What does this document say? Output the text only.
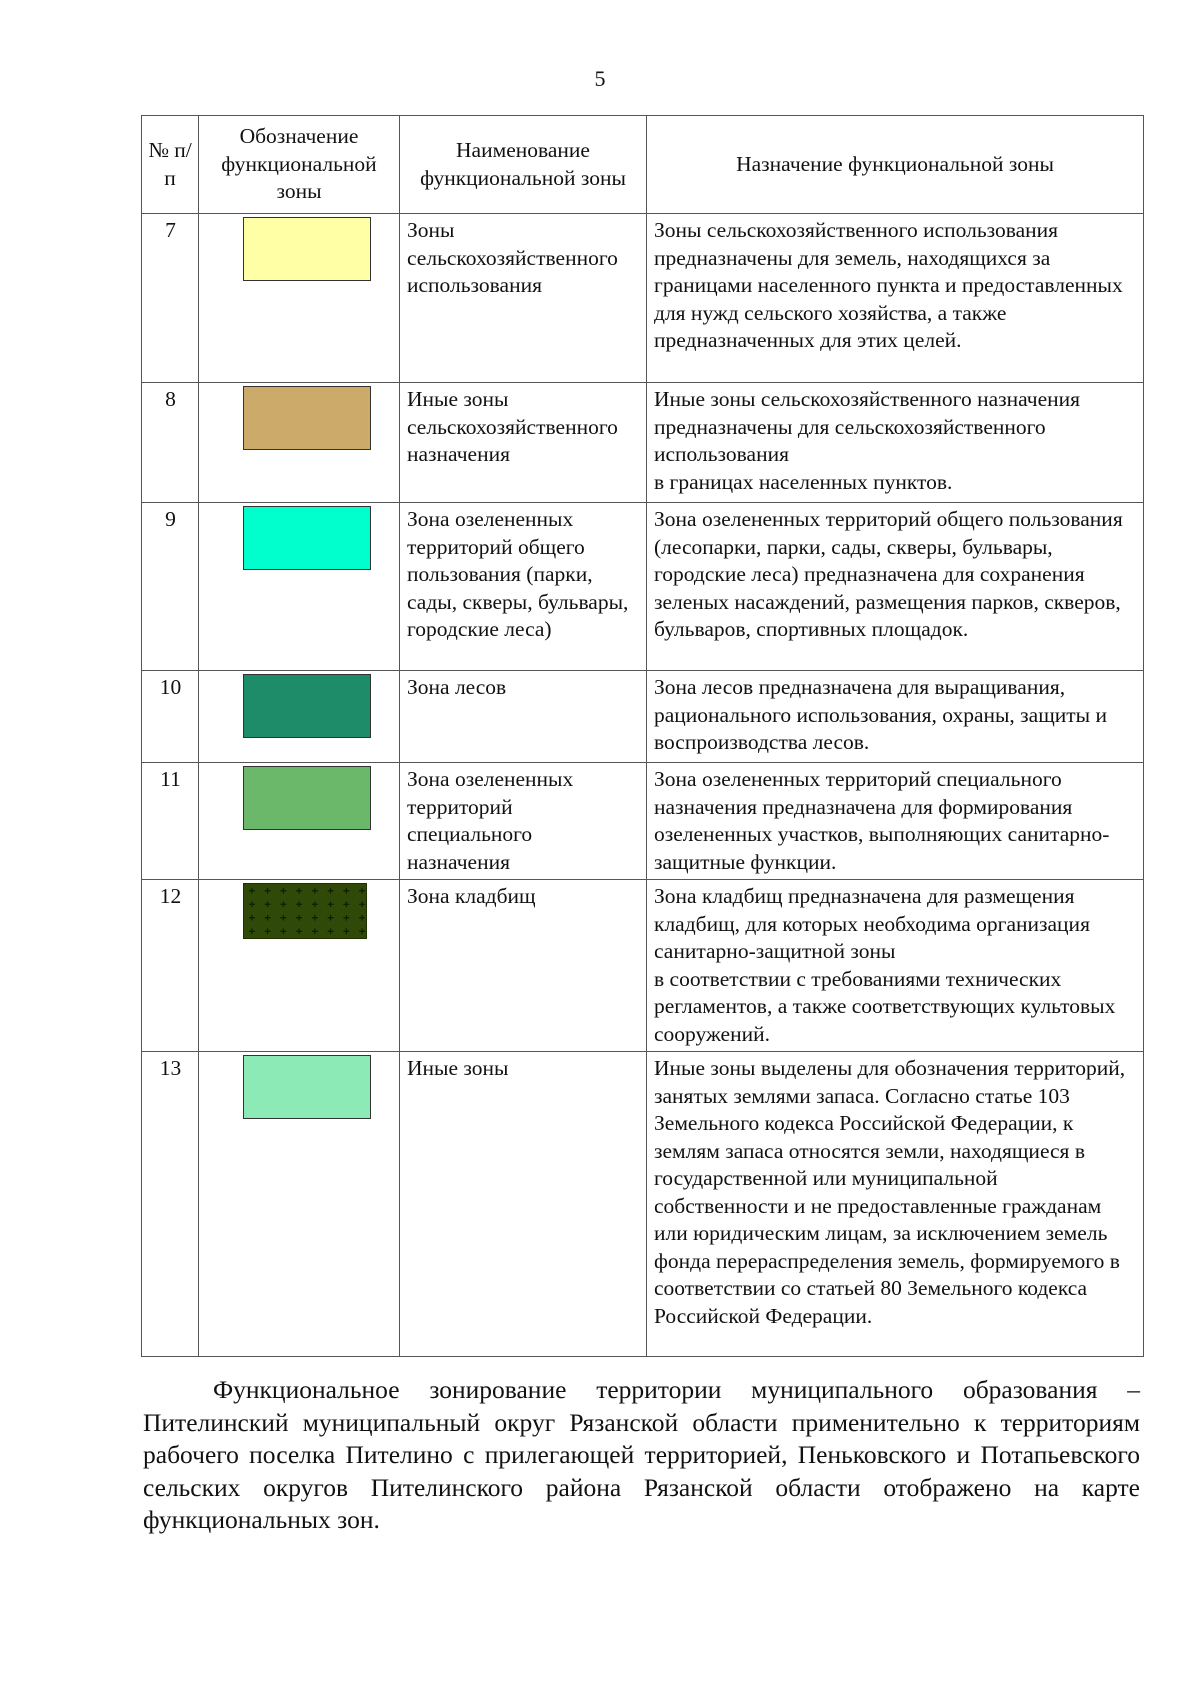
5
№ п/п	Обозначение функциональной зоны	Наименование функциональной зоны	Назначение функциональной зоны
7		Зоны сельскохозяйственного использования	Зоны сельскохозяйственного использования предназначены для земель, находящихся за границами населенного пункта и предоставленных для нужд сельского хозяйства, а также предназначенных для этих целей.
8		Иные зоны сельскохозяйственного назначения	Иные зоны сельскохозяйственного назначения предназначены для сельскохозяйственного использования
в границах населенных пунктов.
9		Зона озелененных территорий общего пользования (парки, сады, скверы, бульвары, городские леса)	Зона озелененных территорий общего пользования (лесопарки, парки, сады, скверы, бульвары, городские леса) предназначена для сохранения зеленых насаждений, размещения парков, скверов, бульваров, спортивных площадок.
10		Зона лесов	Зона лесов предназначена для выращивания, рационального использования, охраны, защиты и воспроизводства лесов.
11		Зона озелененных территорий специального назначения	Зона озелененных территорий специального назначения предназначена для формирования озелененных участков, выполняющих санитарно-защитные функции.
12		Зона кладбищ	Зона кладбищ предназначена для размещения кладбищ, для которых необходима организация санитарно-защитной зоны
в соответствии с требованиями технических регламентов, а также соответствующих культовых сооружений.
13		Иные зоны	Иные зоны выделены для обозначения территорий, занятых землями запаса. Согласно статье 103 Земельного кодекса Российской Федерации, к землям запаса относятся земли, находящиеся в государственной или муниципальной собственности и не предоставленные гражданам или юридическим лицам, за исключением земель фонда перераспределения земель, формируемого в соответствии со статьей 80 Земельного кодекса Российской Федерации.

Функциональное зонирование территории муниципального образования – Пителинский муниципальный округ Рязанской области применительно к территориям рабочего поселка Пителино с прилегающей территорией, Пеньковского и Потапьевского сельских округов Пителинского района Рязанской области отображено на карте функциональных зон.
